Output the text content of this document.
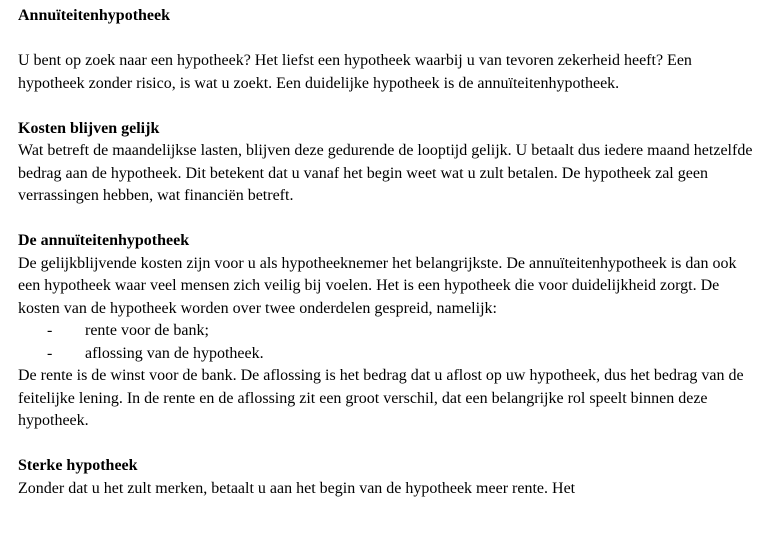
Annuïteitenhypotheek

U bent op zoek naar een hypotheek? Het liefst een hypotheek waarbij u van tevoren zekerheid heeft? Een hypotheek zonder risico, is wat u zoekt. Een duidelijke hypotheek is de annuïteitenhypotheek.

Kosten blijven gelijk

Wat betreft de maandelijkse lasten, blijven deze gedurende de looptijd gelijk. U betaalt dus iedere maand hetzelfde bedrag aan de hypotheek. Dit betekent dat u vanaf het begin weet wat u zult betalen. De hypotheek zal geen verrassingen hebben, wat financiën betreft.

De annuïteitenhypotheek

De gelijkblijvende kosten zijn voor u als hypotheeknemer het belangrijkste. De annuïteitenhypotheek is dan ook een hypotheek waar veel mensen zich veilig bij voelen. Het is een hypotheek die voor duidelijkheid zorgt. De kosten van de hypotheek worden over twee onderdelen gespreid, namelijk:

- rente voor de bank;
- aflossing van de hypotheek.

De rente is de winst voor de bank. De aflossing is het bedrag dat u aflost op uw hypotheek, dus het bedrag van de feitelijke lening. In de rente en de aflossing zit een groot verschil, dat een belangrijke rol speelt binnen deze hypotheek.

Sterke hypotheek

Zonder dat u het zult merken, betaalt u aan het begin van de hypotheek meer rente. Het
